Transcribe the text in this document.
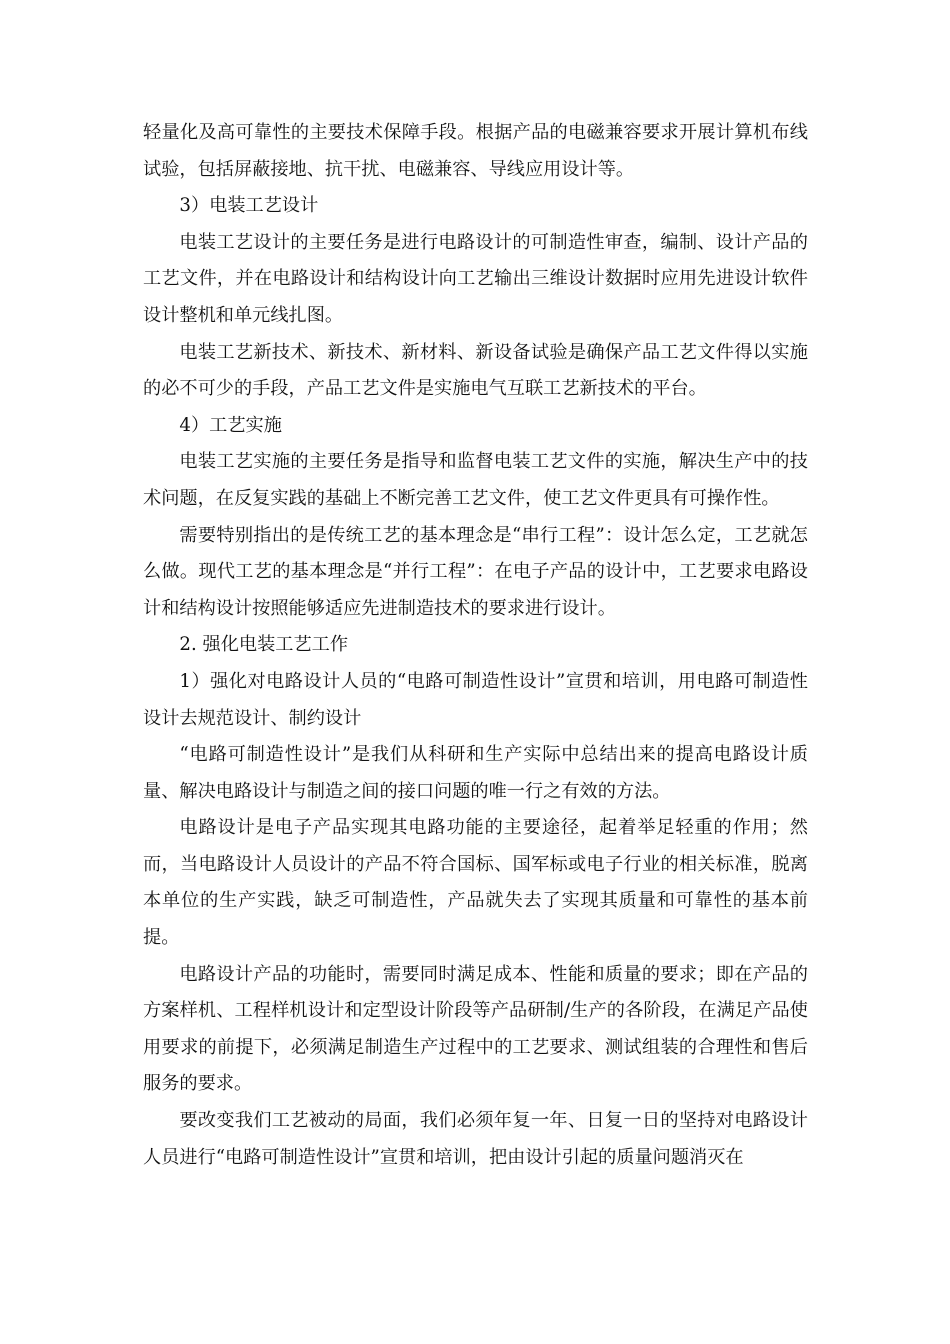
轻量化及高可靠性的主要技术保障手段。根据产品的电磁兼容要求开展计算机布线试验，包括屏蔽接地、抗干扰、电磁兼容、导线应用设计等。

3）电装工艺设计

电装工艺设计的主要任务是进行电路设计的可制造性审查，编制、设计产品的工艺文件，并在电路设计和结构设计向工艺输出三维设计数据时应用先进设计软件设计整机和单元线扎图。

电装工艺新技术、新技术、新材料、新设备试验是确保产品工艺文件得以实施的必不可少的手段，产品工艺文件是实施电气互联工艺新技术的平台。

4）工艺实施

电装工艺实施的主要任务是指导和监督电装工艺文件的实施，解决生产中的技术问题，在反复实践的基础上不断完善工艺文件，使工艺文件更具有可操作性。

需要特别指出的是传统工艺的基本理念是“串行工程”：设计怎么定，工艺就怎么做。现代工艺的基本理念是“并行工程”：在电子产品的设计中，工艺要求电路设计和结构设计按照能够适应先进制造技术的要求进行设计。

2. 强化电装工艺工作

1）强化对电路设计人员的“电路可制造性设计”宣贯和培训，用电路可制造性设计去规范设计、制约设计

“电路可制造性设计”是我们从科研和生产实际中总结出来的提高电路设计质量、解决电路设计与制造之间的接口问题的唯一行之有效的方法。

电路设计是电子产品实现其电路功能的主要途径，起着举足轻重的作用；然而，当电路设计人员设计的产品不符合国标、国军标或电子行业的相关标准，脱离本单位的生产实践，缺乏可制造性，产品就失去了实现其质量和可靠性的基本前提。

电路设计产品的功能时，需要同时满足成本、性能和质量的要求；即在产品的方案样机、工程样机设计和定型设计阶段等产品研制/生产的各阶段，在满足产品使用要求的前提下，必须满足制造生产过程中的工艺要求、测试组装的合理性和售后服务的要求。

要改变我们工艺被动的局面，我们必须年复一年、日复一日的坚持对电路设计人员进行“电路可制造性设计”宣贯和培训，把由设计引起的质量问题消灭在
